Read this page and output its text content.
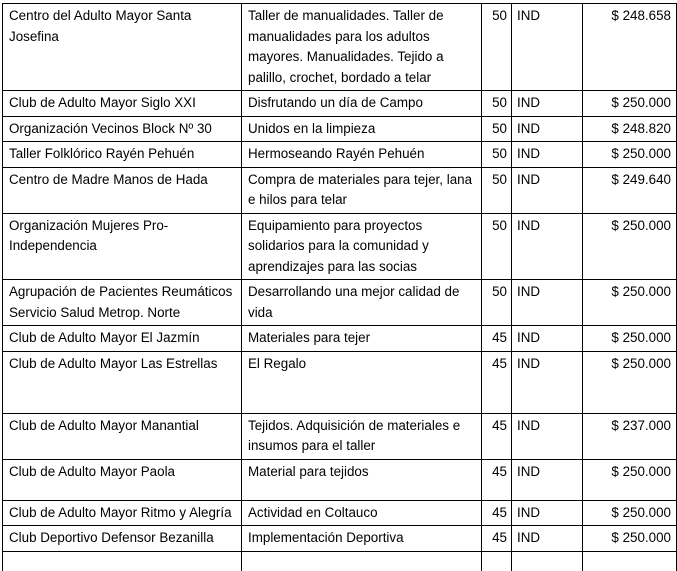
Centro del Adulto Mayor Santa Josefina	Taller de manualidades. Taller de manualidades para los adultos mayores. Manualidades. Tejido a palillo, crochet, bordado a telar	50	IND	$ 248.658
Club de Adulto Mayor Siglo XXI	Disfrutando un día de Campo	50	IND	$ 250.000
Organización Vecinos Block Nº 30	Unidos en la limpieza	50	IND	$ 248.820
Taller Folklórico Rayén Pehuén	Hermoseando Rayén Pehuén	50	IND	$ 250.000
Centro de Madre Manos de Hada	Compra de materiales para tejer, lana e hilos para telar	50	IND	$ 249.640
Organización Mujeres Pro-Independencia	Equipamiento para proyectos solidarios para la comunidad y aprendizajes para las socias	50	IND	$ 250.000
Agrupación de Pacientes Reumáticos Servicio Salud Metrop. Norte	Desarrollando una mejor calidad de vida	50	IND	$ 250.000
Club de Adulto Mayor El Jazmín	Materiales para tejer	45	IND	$ 250.000
Club de Adulto Mayor Las Estrellas	El Regalo	45	IND	$ 250.000
Club de Adulto Mayor Manantial	Tejidos. Adquisición de materiales e insumos para el taller	45	IND	$ 237.000
Club de Adulto Mayor Paola	Material para tejidos	45	IND	$ 250.000
Club de Adulto Mayor Ritmo y Alegría	Actividad en Coltauco	45	IND	$ 250.000
Club Deportivo Defensor Bezanilla	Implementación Deportiva	45	IND	$ 250.000
